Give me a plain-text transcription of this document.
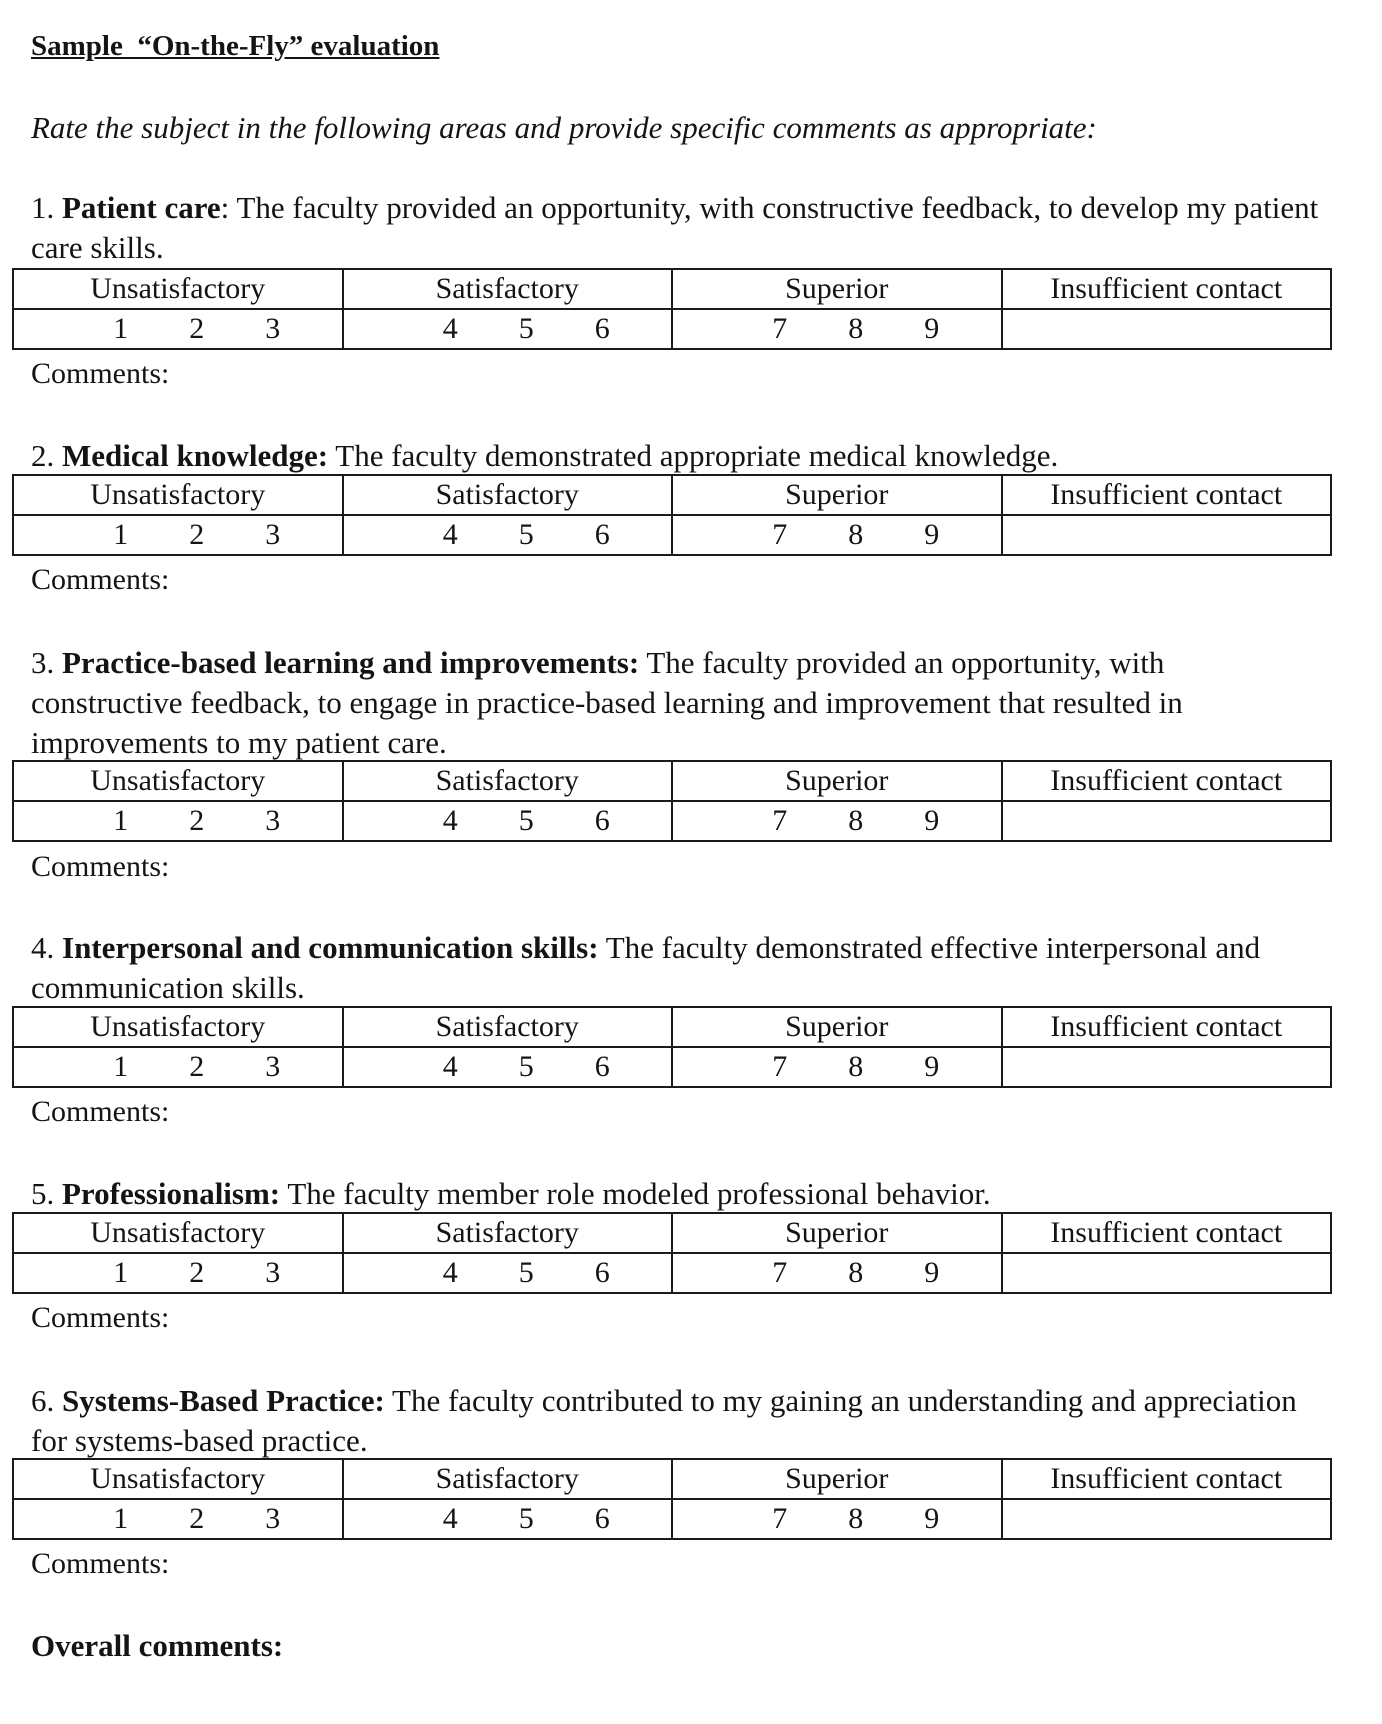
Sample  “On-the-Fly” evaluation
Rate the subject in the following areas and provide specific comments as appropriate:
1. Patient care: The faculty provided an opportunity, with constructive feedback, to develop my patient care skills.
Unsatisfactory	Satisfactory	Superior	Insufficient contact
1 2 3	4 5 6	7 8 9	
Comments:
2. Medical knowledge: The faculty demonstrated appropriate medical knowledge.
Unsatisfactory	Satisfactory	Superior	Insufficient contact
1 2 3	4 5 6	7 8 9	
Comments:
3. Practice-based learning and improvements: The faculty provided an opportunity, with constructive feedback, to engage in practice-based learning and improvement that resulted in improvements to my patient care.
Unsatisfactory	Satisfactory	Superior	Insufficient contact
1 2 3	4 5 6	7 8 9	
Comments:
4. Interpersonal and communication skills: The faculty demonstrated effective interpersonal and communication skills.
Unsatisfactory	Satisfactory	Superior	Insufficient contact
1 2 3	4 5 6	7 8 9	
Comments:
5. Professionalism: The faculty member role modeled professional behavior.
Unsatisfactory	Satisfactory	Superior	Insufficient contact
1 2 3	4 5 6	7 8 9	
Comments:
6. Systems-Based Practice: The faculty contributed to my gaining an understanding and appreciation for systems-based practice.
Unsatisfactory	Satisfactory	Superior	Insufficient contact
1 2 3	4 5 6	7 8 9	
Comments:
Overall comments:
